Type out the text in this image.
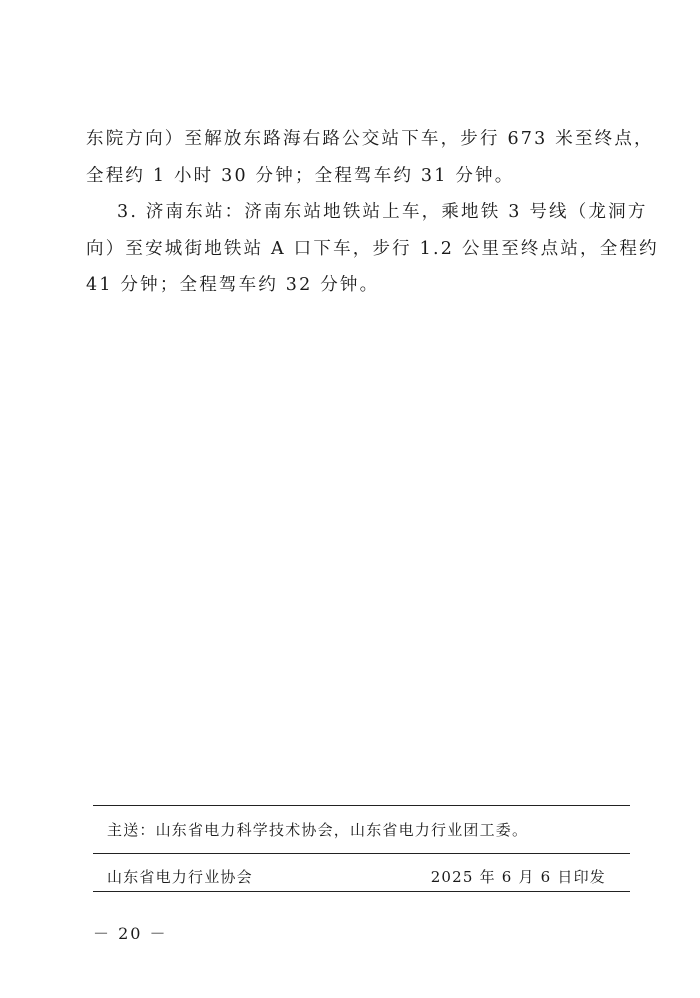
东院方向）至解放东路海右路公交站下车，步行 673 米至终点，
全程约 1 小时 30 分钟；全程驾车约 31 分钟。
3. 济南东站：济南东站地铁站上车，乘地铁 3 号线（龙洞方
向）至安城街地铁站 A 口下车，步行 1.2 公里至终点站，全程约
41 分钟；全程驾车约 32 分钟。
主送：山东省电力科学技术协会，山东省电力行业团工委。
山东省电力行业协会	2025 年 6 月 6 日印发
－ 20 －
